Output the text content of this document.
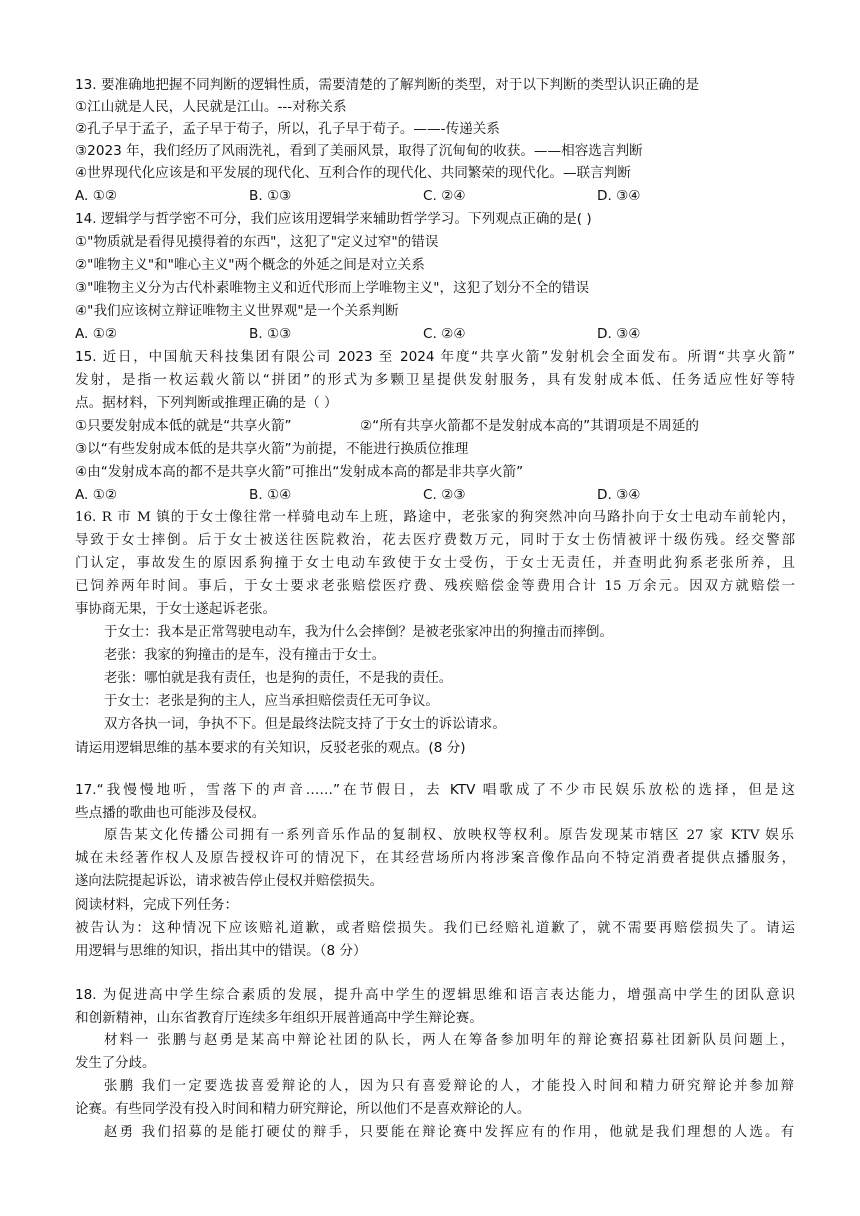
13. 要准确地把握不同判断的逻辑性质，需要清楚的了解判断的类型，对于以下判断的类型认识正确的是
①江山就是人民，人民就是江山。---对称关系
②孔子早于孟子，孟子早于荀子，所以，孔子早于荀子。——-传递关系
③2023 年，我们经历了风雨洗礼，看到了美丽风景，取得了沉甸甸的收获。——相容选言判断
④世界现代化应该是和平发展的现代化、互利合作的现代化、共同繁荣的现代化。—联言判断
A. ①②	B. ①③	C. ②④	D. ③④
14. 逻辑学与哲学密不可分，我们应该用逻辑学来辅助哲学学习。下列观点正确的是( )
①"物质就是看得见摸得着的东西"，这犯了"定义过窄"的错误
②"唯物主义"和"唯心主义"两个概念的外延之间是对立关系
③"唯物主义分为古代朴素唯物主义和近代形而上学唯物主义"，这犯了划分不全的错误
④"我们应该树立辩证唯物主义世界观"是一个关系判断
A. ①②	B. ①③	C. ②④	D. ③④
15. 近日，中国航天科技集团有限公司 2023 至 2024 年度“共享火箭”发射机会全面发布。所谓“共享火箭”
发射，是指一枚运载火箭以“拼团”的形式为多颗卫星提供发射服务，具有发射成本低、任务适应性好等特
点。据材料，下列判断或推理正确的是（ ）
①只要发射成本低的就是“共享火箭”	②“所有共享火箭都不是发射成本高的”其谓项是不周延的
③以“有些发射成本低的是共享火箭”为前提，不能进行换质位推理
④由“发射成本高的都不是共享火箭”可推出“发射成本高的都是非共享火箭”
A. ①②	B. ①④	C. ②③	D. ③④
16. R 市 M 镇的于女士像往常一样骑电动车上班，路途中，老张家的狗突然冲向马路扑向于女士电动车前轮内，
导致于女士摔倒。后于女士被送往医院救治，花去医疗费数万元，同时于女士伤情被评十级伤残。经交警部
门认定，事故发生的原因系狗撞于女士电动车致使于女士受伤，于女士无责任，并查明此狗系老张所养，且
已饲养两年时间。事后，于女士要求老张赔偿医疗费、残疾赔偿金等费用合计 15 万余元。因双方就赔偿一
事协商无果，于女士遂起诉老张。
于女士：我本是正常驾驶电动车，我为什么会摔倒？是被老张家冲出的狗撞击而摔倒。
老张：我家的狗撞击的是车，没有撞击于女士。
老张：哪怕就是我有责任，也是狗的责任，不是我的责任。
于女士：老张是狗的主人，应当承担赔偿责任无可争议。
双方各执一词，争执不下。但是最终法院支持了于女士的诉讼请求。
请运用逻辑思维的基本要求的有关知识，反驳老张的观点。(8 分)
17.“我慢慢地听，雪落下的声音……”在节假日，去 KTV 唱歌成了不少市民娱乐放松的选择，但是这
些点播的歌曲也可能涉及侵权。
原告某文化传播公司拥有一系列音乐作品的复制权、放映权等权利。原告发现某市辖区 27 家 KTV 娱乐
城在未经著作权人及原告授权许可的情况下，在其经营场所内将涉案音像作品向不特定消费者提供点播服务，
遂向法院提起诉讼，请求被告停止侵权并赔偿损失。
阅读材料，完成下列任务：
被告认为：这种情况下应该赔礼道歉，或者赔偿损失。我们已经赔礼道歉了，就不需要再赔偿损失了。请运
用逻辑与思维的知识，指出其中的错误。（8 分）
18. 为促进高中学生综合素质的发展，提升高中学生的逻辑思维和语言表达能力，增强高中学生的团队意识
和创新精神，山东省教育厅连续多年组织开展普通高中学生辩论赛。
材料一 张鹏与赵勇是某高中辩论社团的队长，两人在筹备参加明年的辩论赛招募社团新队员问题上，
发生了分歧。
张鹏 我们一定要选拔喜爱辩论的人，因为只有喜爱辩论的人，才能投入时间和精力研究辩论并参加辩
论赛。有些同学没有投入时间和精力研究辩论，所以他们不是喜欢辩论的人。
赵勇 我们招募的是能打硬仗的辩手，只要能在辩论赛中发挥应有的作用，他就是我们理想的人选。有
